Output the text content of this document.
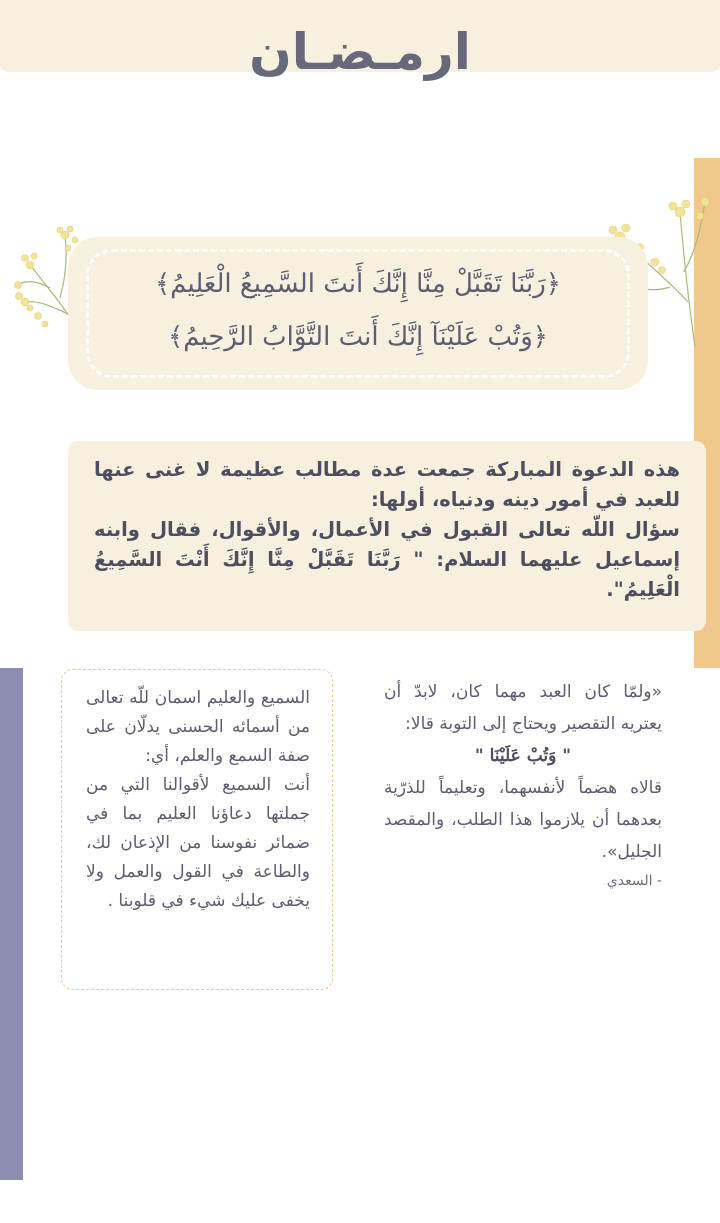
ارمـضـان
﴿رَبَّنَا تَقَبَّلْ مِنَّا إِنَّكَ أَنتَ السَّمِيعُ الْعَلِيمُ﴾
﴿وَتُبْ عَلَيْنَآ إِنَّكَ أَنتَ التَّوَّابُ الرَّحِيمُ﴾

هذه الدعوة المباركة جمعت عدة مطالب عظيمة لا غنى عنها للعبد في أمور دينه ودنياه، أولها:

سؤال اللّه تعالى القبول في الأعمال، والأقوال، فقال وابنه إسماعيل عليهما السلام: " رَبَّنَا تَقَبَّلْ مِنَّا إِنَّكَ أَنْتَ السَّمِيعُ الْعَلِيمُ".

«ولمّا كان العبد مهما كان، لابدّ أن يعتريه التقصير ويحتاج إلى التوبة قالا:

" وَتُبْ عَلَيْنَا "

قالاه هضماً لأنفسهما، وتعليماً للذرّية بعدهما أن يلازموا هذا الطلب، والمقصد الجليل».

- السعدي

السميع والعليم اسمان للّه تعالى من أسمائه الحسنى يدلّان على صفة السمع والعلم، أي:

أنت السميع لأقوالنا التي من جملتها دعاؤنا العليم بما في ضمائر نفوسنا من الإذعان لك، والطاعة في القول والعمل ولا يخفى عليك شيء في قلوبنا .
